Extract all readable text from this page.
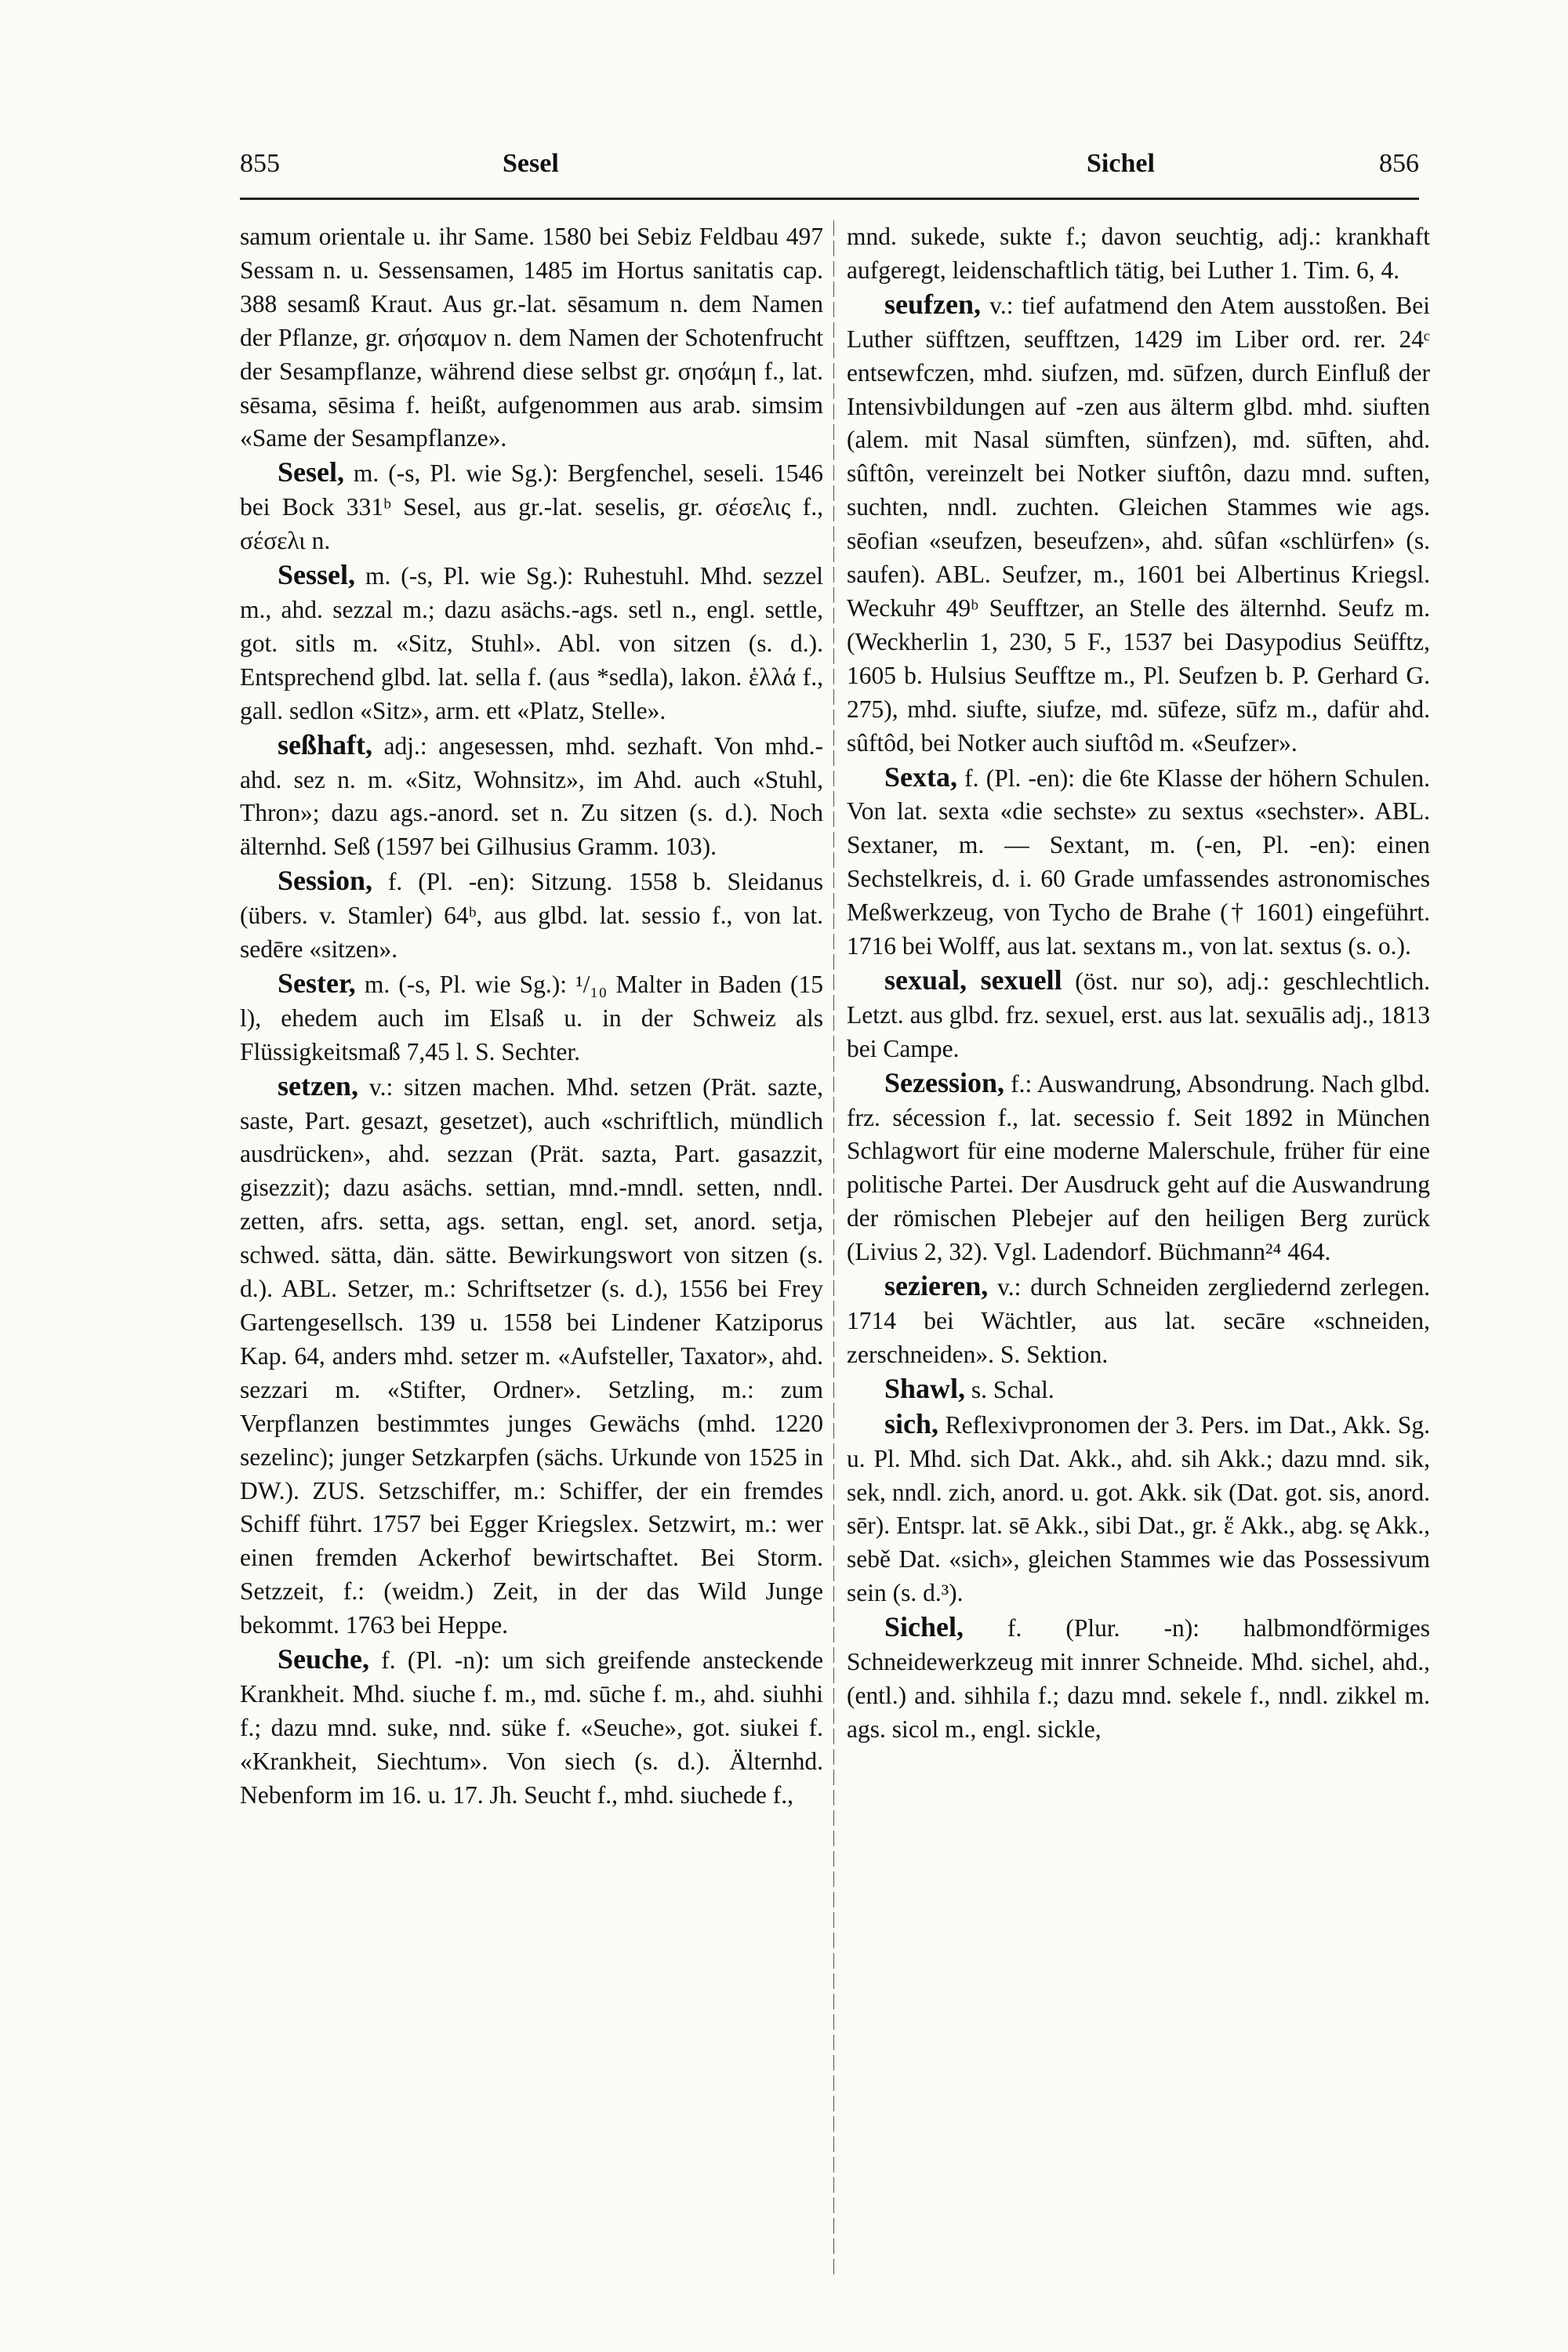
855	Sesel	Sichel	856

samum orientale u. ihr Same. 1580 bei Sebiz Feldbau 497 Sessam n. u. Sessensamen, 1485 im Hortus sanitatis cap. 388 sesamß Kraut. Aus gr.-lat. sēsamum n. dem Namen der Pflanze, gr. σήσαμον n. dem Namen der Schotenfrucht der Sesampflanze, während diese selbst gr. σησάμη f., lat. sēsama, sēsima f. heißt, aufgenommen aus arab. simsim «Same der Sesampflanze».

Sesel, m. (-s, Pl. wie Sg.): Bergfenchel, seseli. 1546 bei Bock 331ᵇ Sesel, aus gr.-lat. seselis, gr. σέσελις f., σέσελι n.

Sessel, m. (-s, Pl. wie Sg.): Ruhestuhl. Mhd. sezzel m., ahd. sezzal m.; dazu asächs.-ags. setl n., engl. settle, got. sitls m. «Sitz, Stuhl». Abl. von sitzen (s. d.). Entsprechend glbd. lat. sella f. (aus *sedla), lakon. ἑλλά f., gall. sedlon «Sitz», arm. ett «Platz, Stelle».

seßhaft, adj.: angesessen, mhd. sezhaft. Von mhd.-ahd. sez n. m. «Sitz, Wohnsitz», im Ahd. auch «Stuhl, Thron»; dazu ags.-anord. set n. Zu sitzen (s. d.). Noch älternhd. Seß (1597 bei Gilhusius Gramm. 103).

Session, f. (Pl. -en): Sitzung. 1558 b. Sleidanus (übers. v. Stamler) 64ᵇ, aus glbd. lat. sessio f., von lat. sedēre «sitzen».

Sester, m. (-s, Pl. wie Sg.): ¹/₁₀ Malter in Baden (15 l), ehedem auch im Elsaß u. in der Schweiz als Flüssigkeitsmaß 7,45 l. S. Sechter.

setzen, v.: sitzen machen. Mhd. setzen (Prät. sazte, saste, Part. gesazt, gesetzet), auch «schriftlich, mündlich ausdrücken», ahd. sezzan (Prät. sazta, Part. gasazzit, gisezzit); dazu asächs. settian, mnd.-mndl. setten, nndl. zetten, afrs. setta, ags. settan, engl. set, anord. setja, schwed. sätta, dän. sätte. Bewirkungswort von sitzen (s. d.). ABL. Setzer, m.: Schriftsetzer (s. d.), 1556 bei Frey Gartengesellsch. 139 u. 1558 bei Lindener Katziporus Kap. 64, anders mhd. setzer m. «Aufsteller, Taxator», ahd. sezzari m. «Stifter, Ordner». Setzling, m.: zum Verpflanzen bestimmtes junges Gewächs (mhd. 1220 sezelinc); junger Setzkarpfen (sächs. Urkunde von 1525 in DW.). ZUS. Setzschiffer, m.: Schiffer, der ein fremdes Schiff führt. 1757 bei Egger Kriegslex. Setzwirt, m.: wer einen fremden Ackerhof bewirtschaftet. Bei Storm. Setzzeit, f.: (weidm.) Zeit, in der das Wild Junge bekommt. 1763 bei Heppe.

Seuche, f. (Pl. -n): um sich greifende ansteckende Krankheit. Mhd. siuche f. m., md. sūche f. m., ahd. siuhhi f.; dazu mnd. suke, nnd. süke f. «Seuche», got. siukei f. «Krankheit, Siechtum». Von siech (s. d.). Älternhd. Nebenform im 16. u. 17. Jh. Seucht f., mhd. siuchede f.,

mnd. sukede, sukte f.; davon seuchtig, adj.: krankhaft aufgeregt, leidenschaftlich tätig, bei Luther 1. Tim. 6, 4.

seufzen, v.: tief aufatmend den Atem ausstoßen. Bei Luther süfftzen, seufftzen, 1429 im Liber ord. rer. 24ᶜ entsewfczen, mhd. siufzen, md. sūfzen, durch Einfluß der Intensivbildungen auf -zen aus älterm glbd. mhd. siuften (alem. mit Nasal sümften, sünfzen), md. sūften, ahd. sûftôn, vereinzelt bei Notker siuftôn, dazu mnd. suften, suchten, nndl. zuchten. Gleichen Stammes wie ags. sēofian «seufzen, beseufzen», ahd. sûfan «schlürfen» (s. saufen). ABL. Seufzer, m., 1601 bei Albertinus Kriegsl. Weckuhr 49ᵇ Seufftzer, an Stelle des älternhd. Seufz m. (Weckherlin 1, 230, 5 F., 1537 bei Dasypodius Seüfftz, 1605 b. Hulsius Seufftze m., Pl. Seufzen b. P. Gerhard G. 275), mhd. siufte, siufze, md. sūfeze, sūfz m., dafür ahd. sûftôd, bei Notker auch siuftôd m. «Seufzer».

Sexta, f. (Pl. -en): die 6te Klasse der höhern Schulen. Von lat. sexta «die sechste» zu sextus «sechster». ABL. Sextaner, m. — Sextant, m. (-en, Pl. -en): einen Sechstelkreis, d. i. 60 Grade umfassendes astronomisches Meßwerkzeug, von Tycho de Brahe († 1601) eingeführt. 1716 bei Wolff, aus lat. sextans m., von lat. sextus (s. o.).

sexual, sexuell (öst. nur so), adj.: geschlechtlich. Letzt. aus glbd. frz. sexuel, erst. aus lat. sexuālis adj., 1813 bei Campe.

Sezession, f.: Auswandrung, Absondrung. Nach glbd. frz. sécession f., lat. secessio f. Seit 1892 in München Schlagwort für eine moderne Malerschule, früher für eine politische Partei. Der Ausdruck geht auf die Auswandrung der römischen Plebejer auf den heiligen Berg zurück (Livius 2, 32). Vgl. Ladendorf. Büchmann²⁴ 464.

sezieren, v.: durch Schneiden zergliedernd zerlegen. 1714 bei Wächtler, aus lat. secāre «schneiden, zerschneiden». S. Sektion.

Shawl, s. Schal.

sich, Reflexivpronomen der 3. Pers. im Dat., Akk. Sg. u. Pl. Mhd. sich Dat. Akk., ahd. sih Akk.; dazu mnd. sik, sek, nndl. zich, anord. u. got. Akk. sik (Dat. got. sis, anord. sēr). Entspr. lat. sē Akk., sibi Dat., gr. ἕ Akk., abg. sę Akk., sebě Dat. «sich», gleichen Stammes wie das Possessivum sein (s. d.³).

Sichel, f. (Plur. -n): halbmondförmiges Schneidewerkzeug mit innrer Schneide. Mhd. sichel, ahd., (entl.) and. sihhila f.; dazu mnd. sekele f., nndl. zikkel m. ags. sicol m., engl. sickle,
